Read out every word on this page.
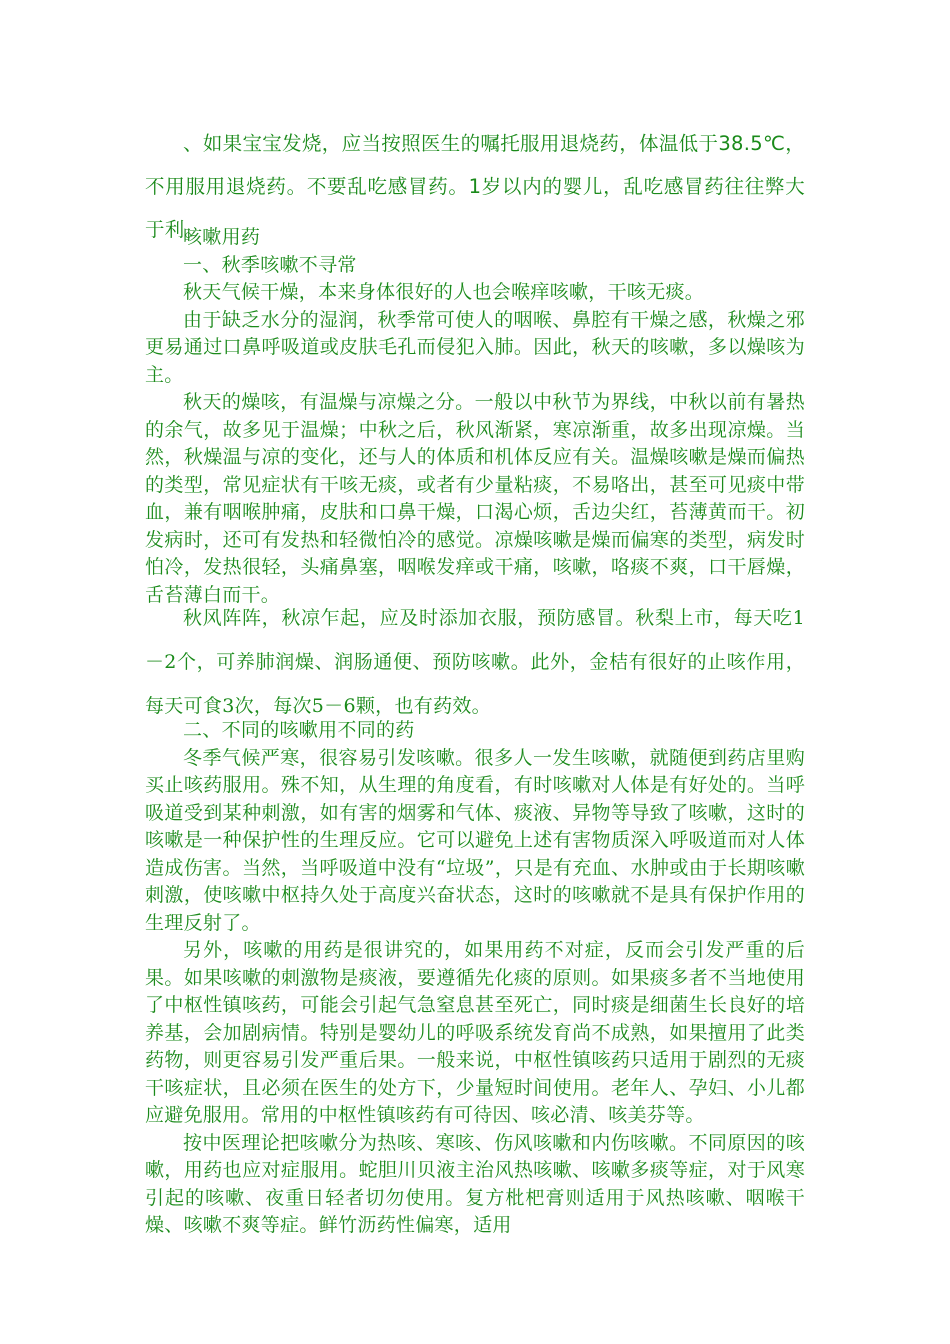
、如果宝宝发烧，应当按照医生的嘱托服用退烧药，体温低于38.5℃，不用服用退烧药。不要乱吃感冒药。1岁以内的婴儿，乱吃感冒药往往弊大于利。

咳嗽用药

一、秋季咳嗽不寻常

秋天气候干燥，本来身体很好的人也会喉痒咳嗽，干咳无痰。

由于缺乏水分的湿润，秋季常可使人的咽喉、鼻腔有干燥之感，秋燥之邪更易通过口鼻呼吸道或皮肤毛孔而侵犯入肺。因此，秋天的咳嗽，多以燥咳为主。

秋天的燥咳，有温燥与凉燥之分。一般以中秋节为界线，中秋以前有暑热的余气，故多见于温燥；中秋之后，秋风渐紧，寒凉渐重，故多出现凉燥。当然，秋燥温与凉的变化，还与人的体质和机体反应有关。温燥咳嗽是燥而偏热的类型，常见症状有干咳无痰，或者有少量粘痰，不易咯出，甚至可见痰中带血，兼有咽喉肿痛，皮肤和口鼻干燥，口渴心烦，舌边尖红，苔薄黄而干。初发病时，还可有发热和轻微怕冷的感觉。凉燥咳嗽是燥而偏寒的类型，病发时怕冷，发热很轻，头痛鼻塞，咽喉发痒或干痛，咳嗽，咯痰不爽，口干唇燥，舌苔薄白而干。

秋风阵阵，秋凉乍起，应及时添加衣服，预防感冒。秋梨上市，每天吃1－2个，可养肺润燥、润肠通便、预防咳嗽。此外，金桔有很好的止咳作用，每天可食3次，每次5－6颗，也有药效。

二、不同的咳嗽用不同的药

冬季气候严寒，很容易引发咳嗽。很多人一发生咳嗽，就随便到药店里购买止咳药服用。殊不知，从生理的角度看，有时咳嗽对人体是有好处的。当呼吸道受到某种刺激，如有害的烟雾和气体、痰液、异物等导致了咳嗽，这时的咳嗽是一种保护性的生理反应。它可以避免上述有害物质深入呼吸道而对人体造成伤害。当然，当呼吸道中没有“垃圾”，只是有充血、水肿或由于长期咳嗽刺激，使咳嗽中枢持久处于高度兴奋状态，这时的咳嗽就不是具有保护作用的生理反射了。

另外，咳嗽的用药是很讲究的，如果用药不对症，反而会引发严重的后果。如果咳嗽的刺激物是痰液，要遵循先化痰的原则。如果痰多者不当地使用了中枢性镇咳药，可能会引起气急窒息甚至死亡，同时痰是细菌生长良好的培养基，会加剧病情。特别是婴幼儿的呼吸系统发育尚不成熟，如果擅用了此类药物，则更容易引发严重后果。一般来说，中枢性镇咳药只适用于剧烈的无痰干咳症状，且必须在医生的处方下，少量短时间使用。老年人、孕妇、小儿都应避免服用。常用的中枢性镇咳药有可待因、咳必清、咳美芬等。

按中医理论把咳嗽分为热咳、寒咳、伤风咳嗽和内伤咳嗽。不同原因的咳嗽，用药也应对症服用。蛇胆川贝液主治风热咳嗽、咳嗽多痰等症，对于风寒引起的咳嗽、夜重日轻者切勿使用。复方枇杷膏则适用于风热咳嗽、咽喉干燥、咳嗽不爽等症。鲜竹沥药性偏寒，适用
